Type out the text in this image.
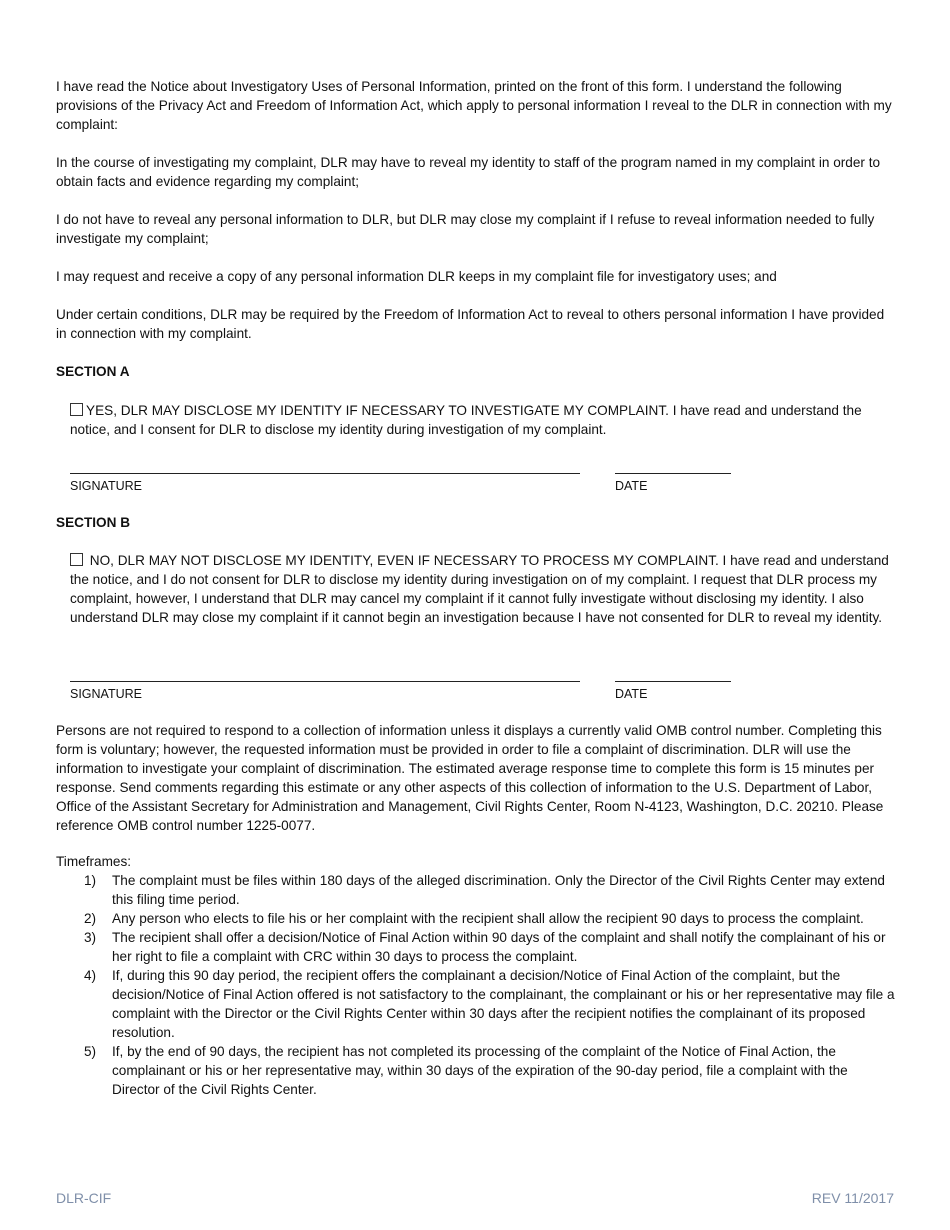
I have read the Notice about Investigatory Uses of Personal Information, printed on the front of this form. I understand the following provisions of the Privacy Act and Freedom of Information Act, which apply to personal information I reveal to the DLR in connection with my complaint:

In the course of investigating my complaint, DLR may have to reveal my identity to staff of the program named in my complaint in order to obtain facts and evidence regarding my complaint;

I do not have to reveal any personal information to DLR, but DLR may close my complaint if I refuse to reveal information needed to fully investigate my complaint;

I may request and receive a copy of any personal information DLR keeps in my complaint file for investigatory uses; and

Under certain conditions, DLR may be required by the Freedom of Information Act to reveal to others personal information I have provided in connection with my complaint.

SECTION A

YES, DLR MAY DISCLOSE MY IDENTITY IF NECESSARY TO INVESTIGATE MY COMPLAINT. I have read and understand the notice, and I consent for DLR to disclose my identity during investigation of my complaint.

SIGNATURE	DATE

SECTION B

NO, DLR MAY NOT DISCLOSE MY IDENTITY, EVEN IF NECESSARY TO PROCESS MY COMPLAINT. I have read and understand the notice, and I do not consent for DLR to disclose my identity during investigation on of my complaint. I request that DLR process my complaint, however, I understand that DLR may cancel my complaint if it cannot fully investigate without disclosing my identity. I also understand DLR may close my complaint if it cannot begin an investigation because I have not consented for DLR to reveal my identity.

SIGNATURE	DATE

Persons are not required to respond to a collection of information unless it displays a currently valid OMB control number. Completing this form is voluntary; however, the requested information must be provided in order to file a complaint of discrimination. DLR will use the information to investigate your complaint of discrimination. The estimated average response time to complete this form is 15 minutes per response. Send comments regarding this estimate or any other aspects of this collection of information to the U.S. Department of Labor, Office of the Assistant Secretary for Administration and Management, Civil Rights Center, Room N-4123, Washington, D.C. 20210. Please reference OMB control number 1225-0077.

Timeframes:

1) The complaint must be files within 180 days of the alleged discrimination. Only the Director of the Civil Rights Center may extend this filing time period.
2) Any person who elects to file his or her complaint with the recipient shall allow the recipient 90 days to process the complaint.
3) The recipient shall offer a decision/Notice of Final Action within 90 days of the complaint and shall notify the complainant of his or her right to file a complaint with CRC within 30 days to process the complaint.
4) If, during this 90 day period, the recipient offers the complainant a decision/Notice of Final Action of the complaint, but the decision/Notice of Final Action offered is not satisfactory to the complainant, the complainant or his or her representative may file a complaint with the Director or the Civil Rights Center within 30 days after the recipient notifies the complainant of its proposed resolution.
5) If, by the end of 90 days, the recipient has not completed its processing of the complaint of the Notice of Final Action, the complainant or his or her representative may, within 30 days of the expiration of the 90-day period, file a complaint with the Director of the Civil Rights Center.
DLR-CIF	REV 11/2017
